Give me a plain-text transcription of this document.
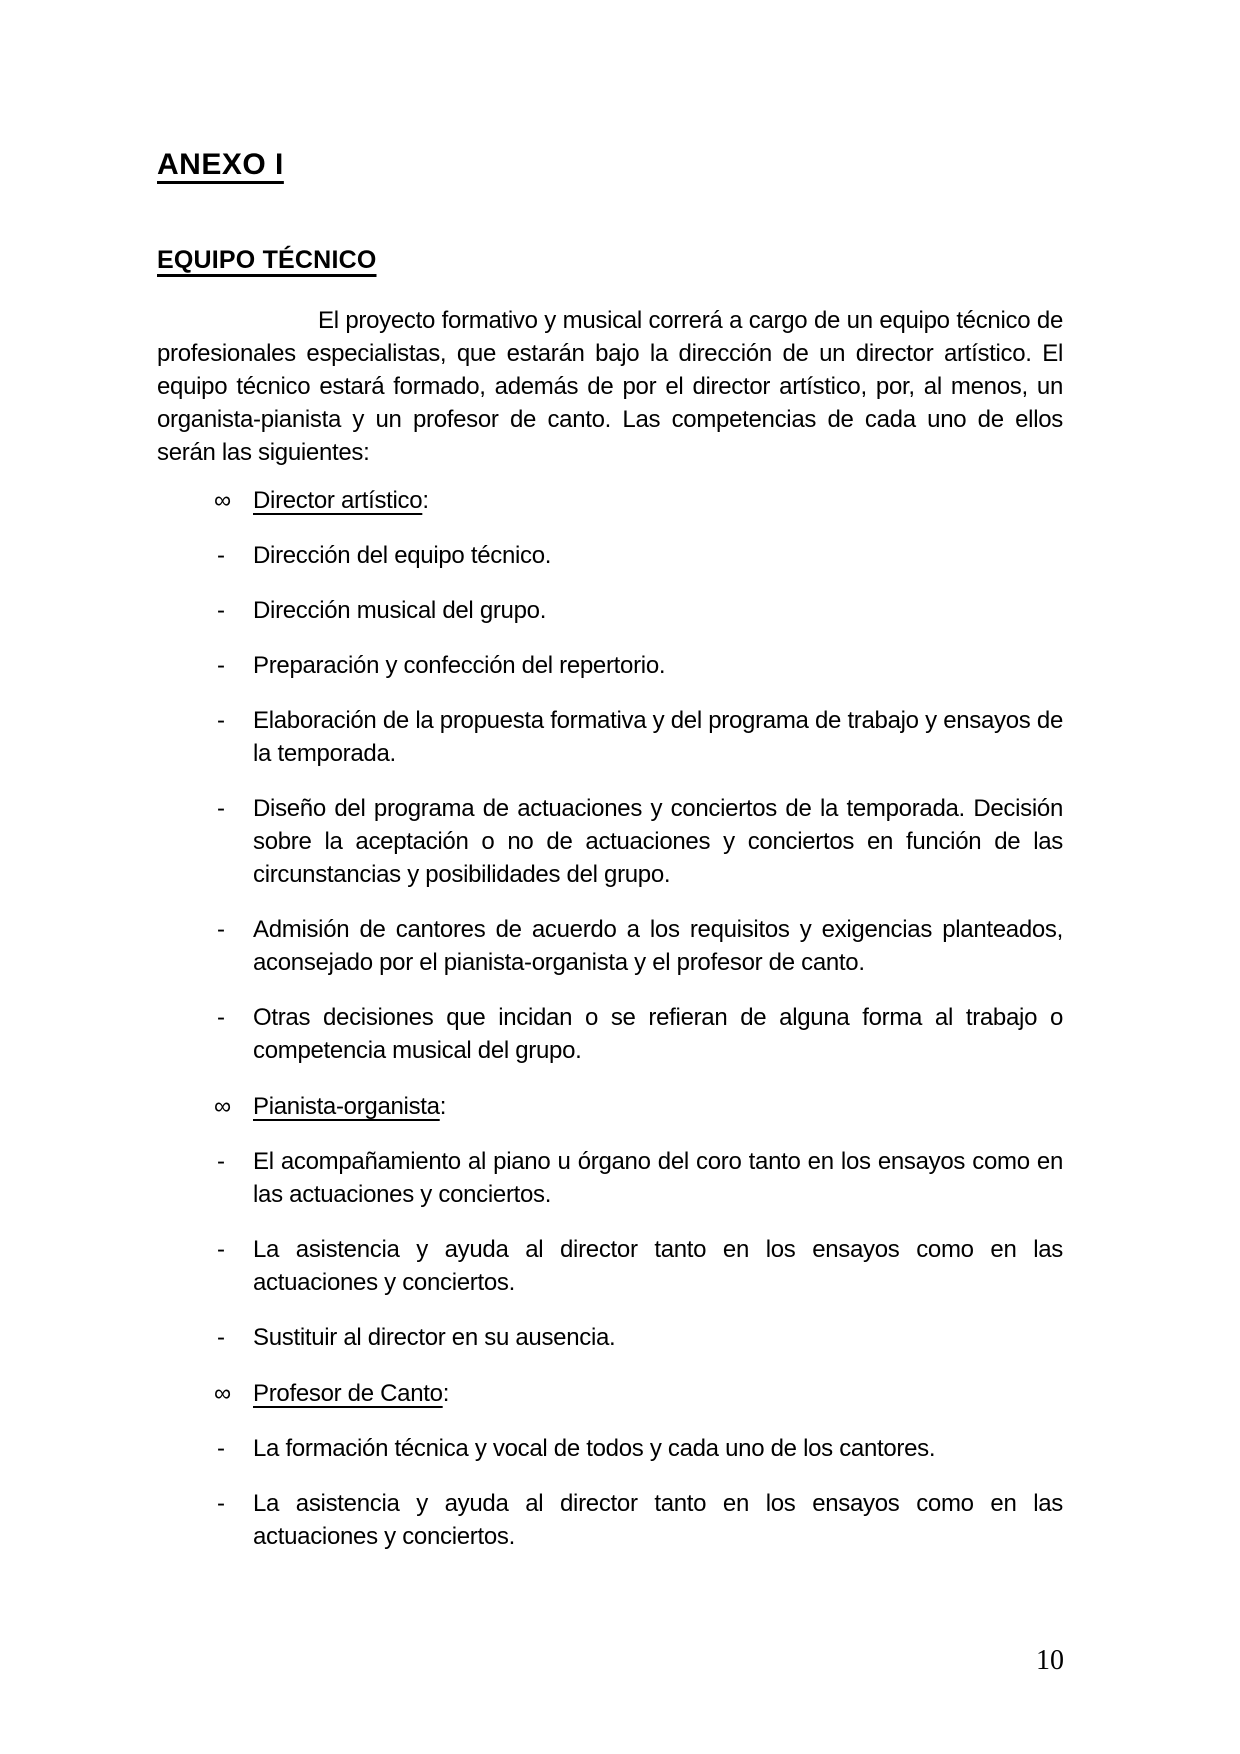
ANEXO I
EQUIPO TÉCNICO

El proyecto formativo y musical correrá a cargo de un equipo técnico de profesionales especialistas, que estarán bajo la dirección de un director artístico. El equipo técnico estará formado, además de por el director artístico, por, al menos, un organista-pianista y un profesor de canto. Las competencias de cada uno de ellos serán las siguientes:

∞ Director artístico:
- Dirección del equipo técnico.

- Dirección musical del grupo.

- Preparación y confección del repertorio.

- Elaboración de la propuesta formativa y del programa de trabajo y ensayos de la temporada.

- Diseño del programa de actuaciones y conciertos de la temporada. Decisión sobre la aceptación o no de actuaciones y conciertos en función de las circunstancias y posibilidades del grupo.

- Admisión de cantores de acuerdo a los requisitos y exigencias planteados, aconsejado por el pianista-organista y el profesor de canto.

- Otras decisiones que incidan o se refieran de alguna forma al trabajo o competencia musical del grupo.

∞ Pianista-organista:
- El acompañamiento al piano u órgano del coro tanto en los ensayos como en las actuaciones y conciertos.

- La asistencia y ayuda al director tanto en los ensayos como en las actuaciones y conciertos.

- Sustituir al director en su ausencia.

∞ Profesor de Canto:
- La formación técnica y vocal de todos y cada uno de los cantores.

- La asistencia y ayuda al director tanto en los ensayos como en las actuaciones y conciertos.

10
